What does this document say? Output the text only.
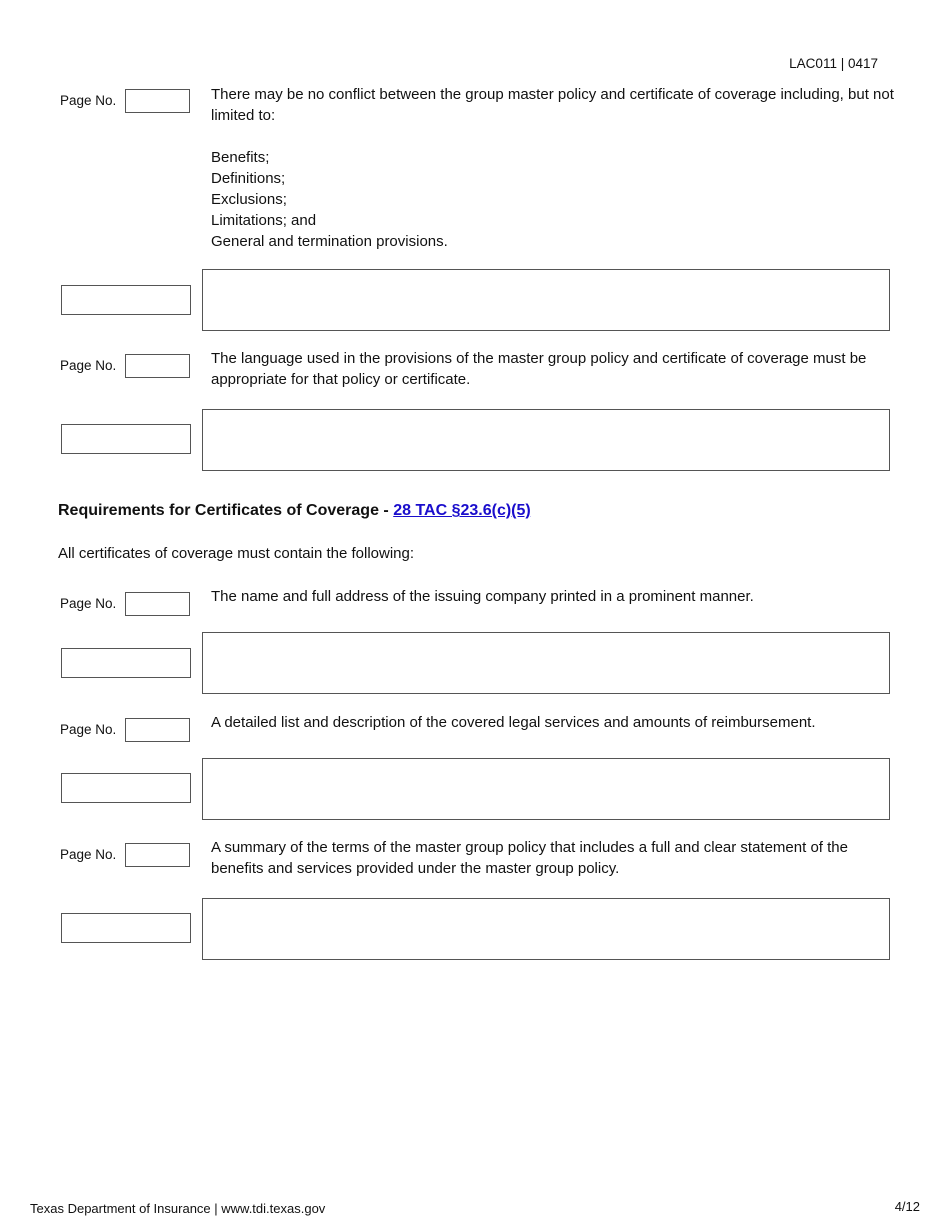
LAC011 | 0417
Page No.	There may be no conflict between the group master policy and certificate of coverage including, but not limited to:
Benefits;
Definitions;
Exclusions;
Limitations; and
General and termination provisions.
Page No.	The language used in the provisions of the master group policy and certificate of coverage must be appropriate for that policy or certificate.
Requirements for Certificates of Coverage - 28 TAC §23.6(c)(5)
All certificates of coverage must contain the following:
Page No.	The name and full address of the issuing company printed in a prominent manner.
Page No.	A detailed list and description of the covered legal services and amounts of reimbursement.
Page No.	A summary of the terms of the master group policy that includes a full and clear statement of the benefits and services provided under the master group policy.
Texas Department of Insurance | www.tdi.texas.gov	4/12
